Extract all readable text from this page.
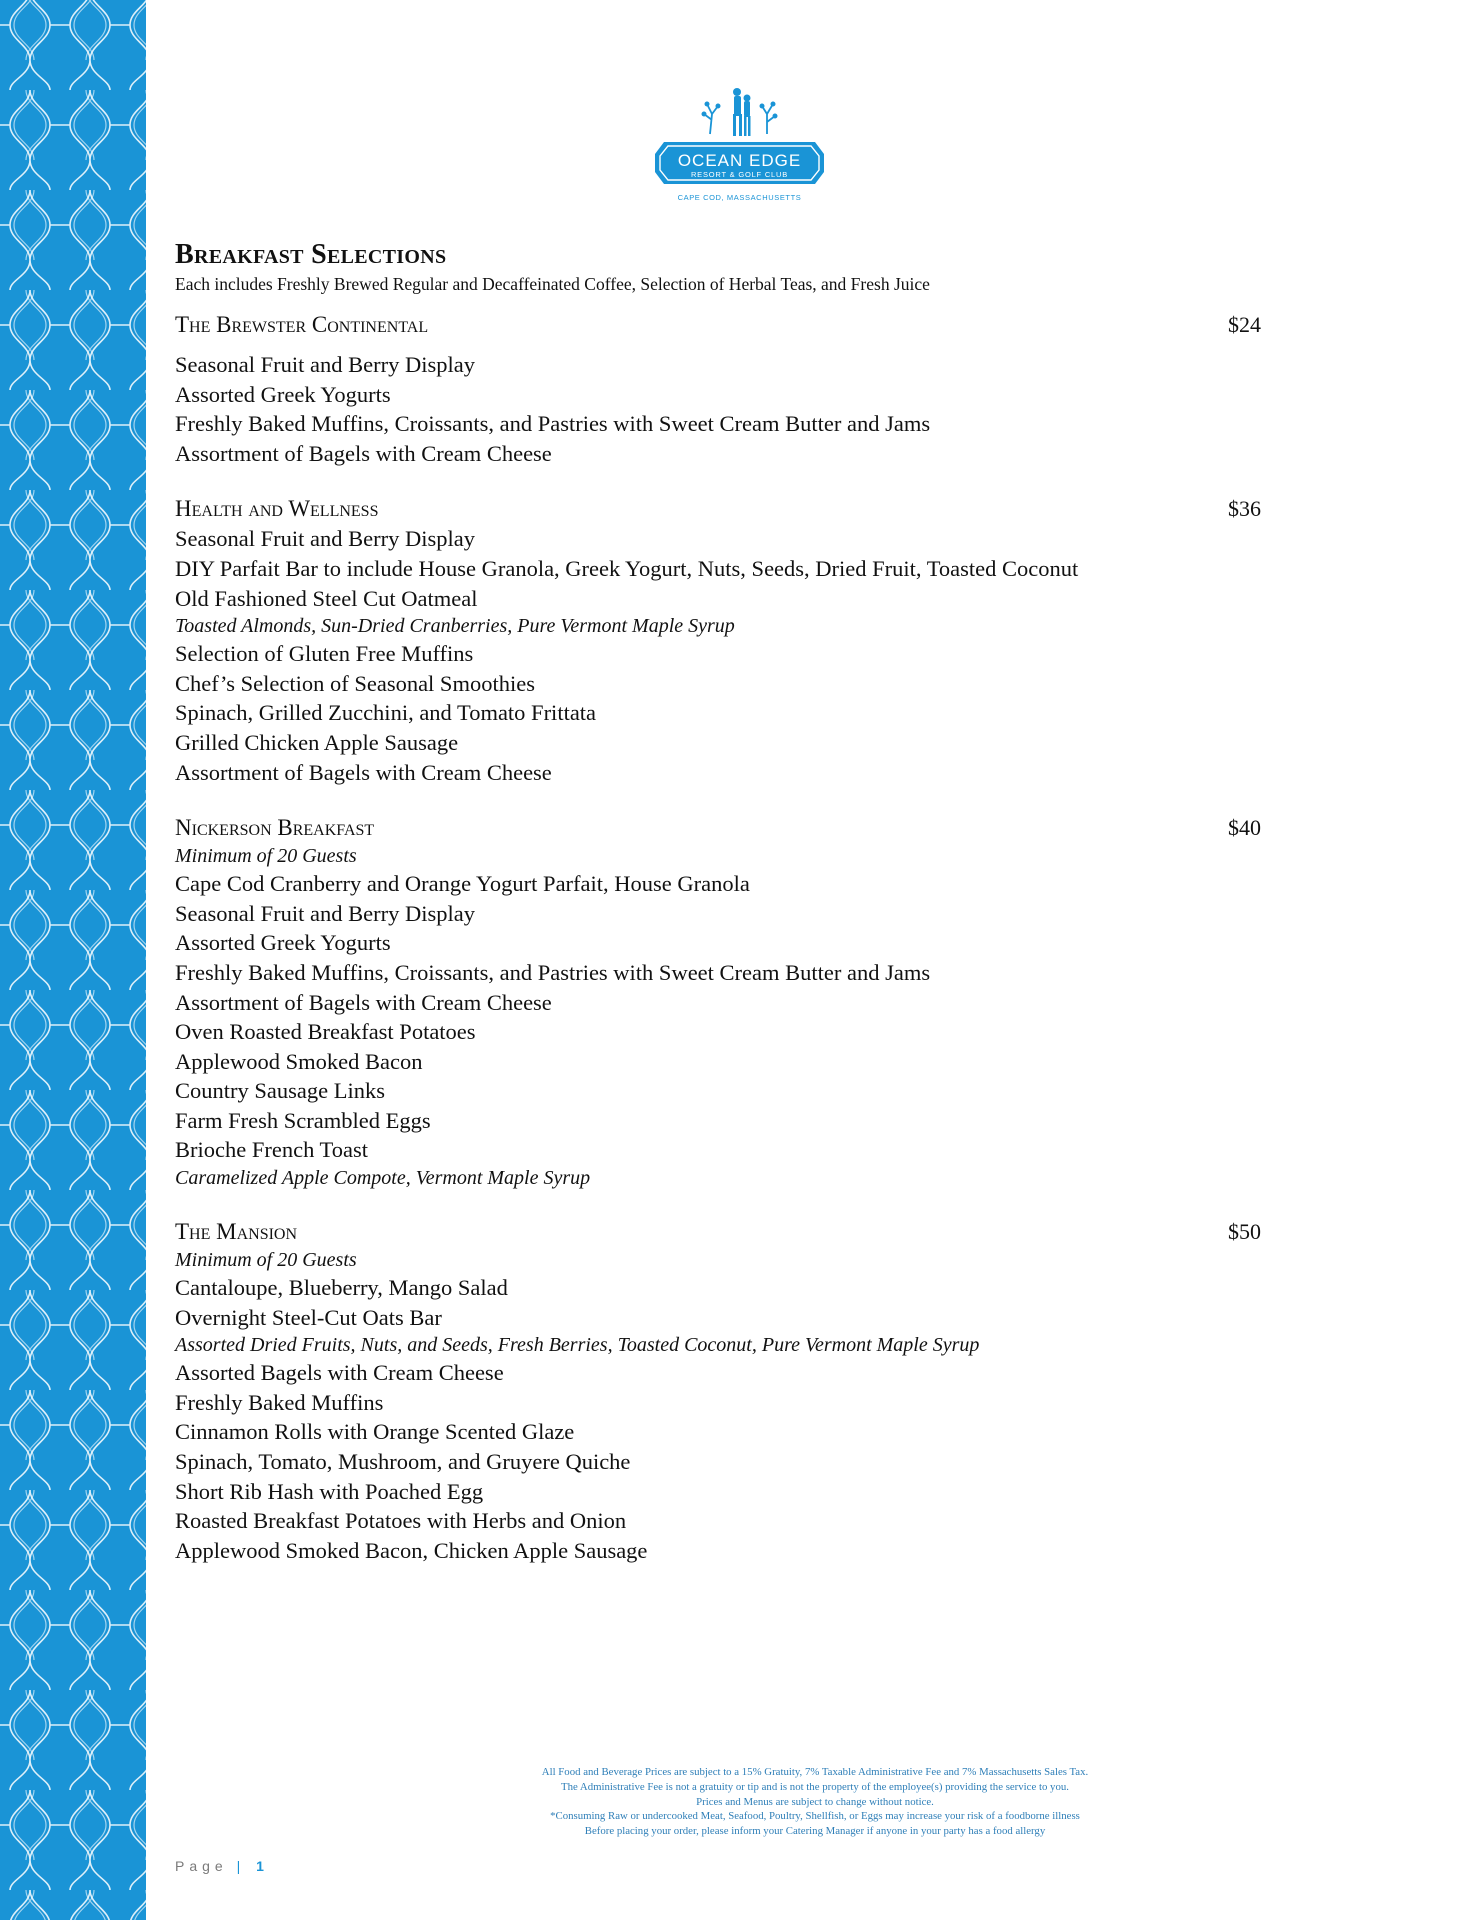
OCEAN EDGE
RESORT & GOLF CLUB
CAPE COD, MASSACHUSETTS
Breakfast Selections

Each includes Freshly Brewed Regular and Decaffeinated Coffee, Selection of Herbal Teas, and Fresh Juice

The Brewster Continental	$24
Seasonal Fruit and Berry Display
Assorted Greek Yogurts
Freshly Baked Muffins, Croissants, and Pastries with Sweet Cream Butter and Jams
Assortment of Bagels with Cream Cheese
Health and Wellness	$36
Seasonal Fruit and Berry Display
DIY Parfait Bar to include House Granola, Greek Yogurt, Nuts, Seeds, Dried Fruit, Toasted Coconut
Old Fashioned Steel Cut Oatmeal
Toasted Almonds, Sun-Dried Cranberries, Pure Vermont Maple Syrup
Selection of Gluten Free Muffins
Chef’s Selection of Seasonal Smoothies
Spinach, Grilled Zucchini, and Tomato Frittata
Grilled Chicken Apple Sausage
Assortment of Bagels with Cream Cheese
Nickerson Breakfast	$40
Minimum of 20 Guests
Cape Cod Cranberry and Orange Yogurt Parfait, House Granola
Seasonal Fruit and Berry Display
Assorted Greek Yogurts
Freshly Baked Muffins, Croissants, and Pastries with Sweet Cream Butter and Jams
Assortment of Bagels with Cream Cheese
Oven Roasted Breakfast Potatoes
Applewood Smoked Bacon
Country Sausage Links
Farm Fresh Scrambled Eggs
Brioche French Toast
Caramelized Apple Compote, Vermont Maple Syrup
The Mansion	$50
Minimum of 20 Guests
Cantaloupe, Blueberry, Mango Salad
Overnight Steel-Cut Oats Bar
Assorted Dried Fruits, Nuts, and Seeds, Fresh Berries, Toasted Coconut, Pure Vermont Maple Syrup
Assorted Bagels with Cream Cheese
Freshly Baked Muffins
Cinnamon Rolls with Orange Scented Glaze
Spinach, Tomato, Mushroom, and Gruyere Quiche
Short Rib Hash with Poached Egg
Roasted Breakfast Potatoes with Herbs and Onion
Applewood Smoked Bacon, Chicken Apple Sausage
All Food and Beverage Prices are subject to a 15% Gratuity, 7% Taxable Administrative Fee and 7% Massachusetts Sales Tax.
The Administrative Fee is not a gratuity or tip and is not the property of the employee(s) providing the service to you.
Prices and Menus are subject to change without notice.
*Consuming Raw or undercooked Meat, Seafood, Poultry, Shellfish, or Eggs may increase your risk of a foodborne illness
Before placing your order, please inform your Catering Manager if anyone in your party has a food allergy
Page | 1
